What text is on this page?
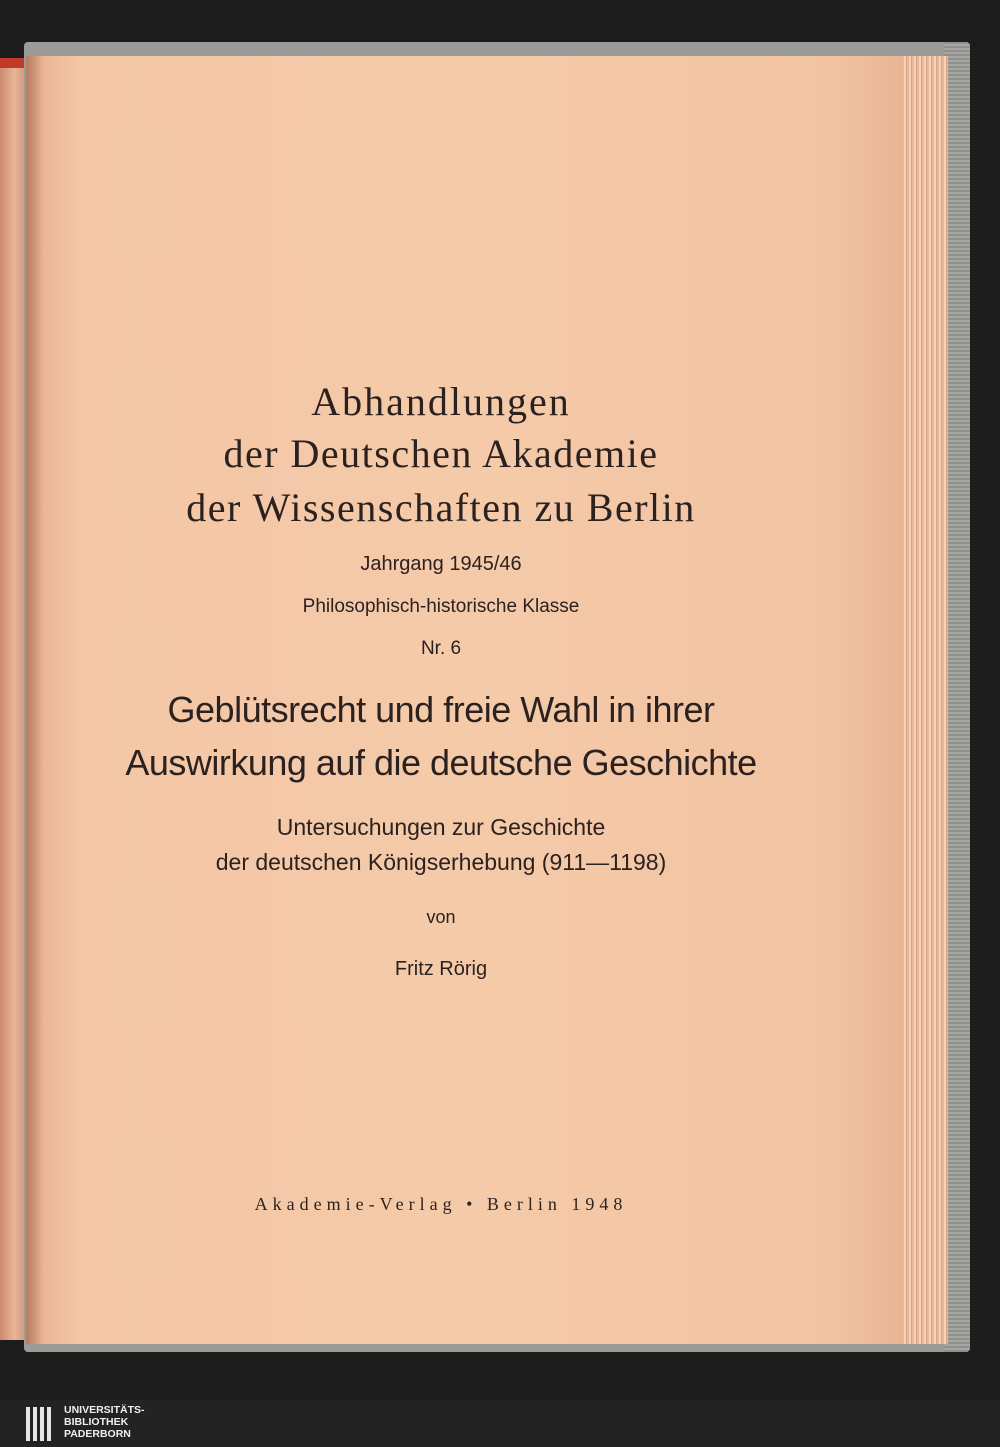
Abhandlungen
der Deutschen Akademie
der Wissenschaften zu Berlin
Jahrgang 1945/46
Philosophisch-historische Klasse
Nr. 6
Geblütsrecht und freie Wahl in ihrer
Auswirkung auf die deutsche Geschichte
Untersuchungen zur Geschichte
der deutschen Königserhebung (911—1198)
von
Fritz Rörig
Akademie-Verlag • Berlin 1948
UNIVERSITÄTS-
BIBLIOTHEK
PADERBORN
